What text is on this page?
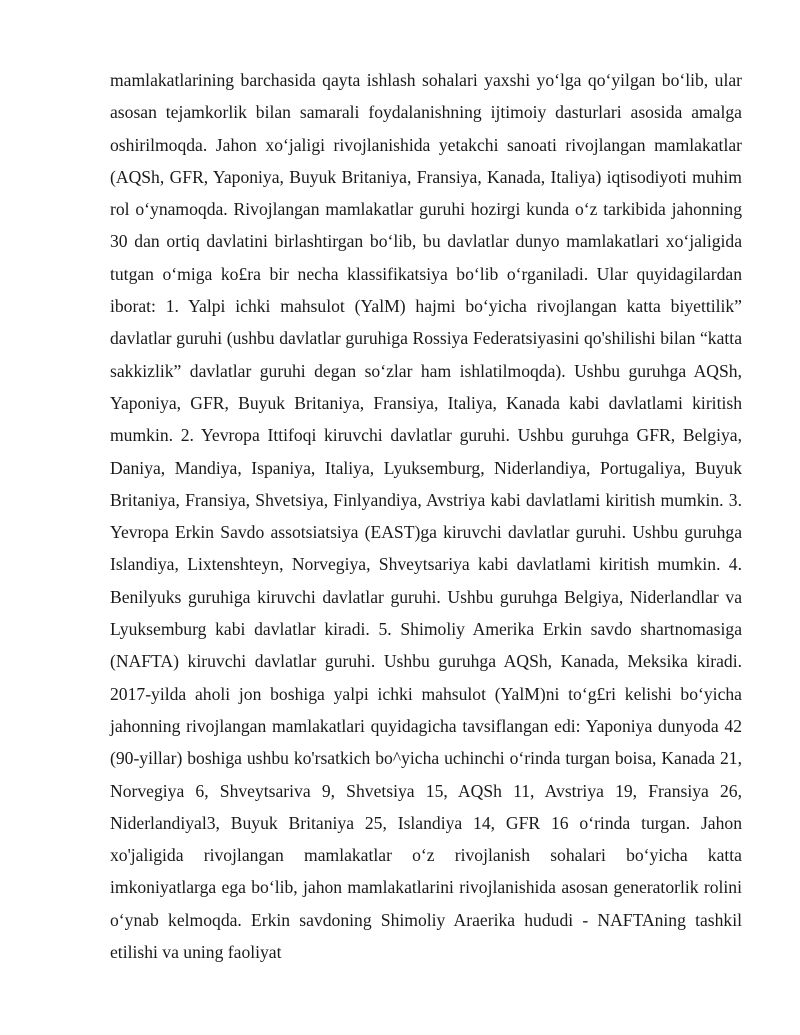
mamlakatlarining barchasida qayta ishlash sohalari yaxshi yo‘lga qo‘yilgan bo‘lib, ular asosan tejamkorlik bilan samarali foydalanishning ijtimoiy dasturlari asosida amalga oshirilmoqda. Jahon xo‘jaligi rivojlanishida yetakchi sanoati rivojlangan mamlakatlar (AQSh, GFR, Yaponiya, Buyuk Britaniya, Fransiya, Kanada, Italiya) iqtisodiyoti muhim rol o‘ynamoqda. Rivojlangan mamlakatlar guruhi hozirgi kunda o‘z tarkibida jahonning 30 dan ortiq davlatini birlashtirgan bo‘lib, bu davlatlar dunyo mamlakatlari xo‘jaligida tutgan o‘miga ko£ra bir necha klassifikatsiya bo‘lib o‘rganiladi. Ular quyidagilardan iborat: 1. Yalpi ichki mahsulot (YalM) hajmi bo‘yicha rivojlangan katta biyettilik” davlatlar guruhi (ushbu davlatlar guruhiga Rossiya Federatsiyasini qo'shilishi bilan “katta sakkizlik” davlatlar guruhi degan so‘zlar ham ishlatilmoqda). Ushbu guruhga AQSh, Yaponiya, GFR, Buyuk Britaniya, Fransiya, Italiya, Kanada kabi davlatlami kiritish mumkin. 2. Yevropa Ittifoqi kiruvchi davlatlar guruhi. Ushbu guruhga GFR, Belgiya, Daniya, Mandiya, Ispaniya, Italiya, Lyuksemburg, Niderlandiya, Portugaliya, Buyuk Britaniya, Fransiya, Shvetsiya, Finlyandiya, Avstriya kabi davlatlami kiritish mumkin. 3. Yevropa Erkin Savdo assotsiatsiya (EAST)ga kiruvchi davlatlar guruhi. Ushbu guruhga Islandiya, Lixtenshteyn, Norvegiya, Shveytsariya kabi davlatlami kiritish mumkin. 4. Benilyuks guruhiga kiruvchi davlatlar guruhi. Ushbu guruhga Belgiya, Niderlandlar va Lyuksemburg kabi davlatlar kiradi. 5. Shimoliy Amerika Erkin savdo shartnomasiga (NAFTA) kiruvchi davlatlar guruhi. Ushbu guruhga AQSh, Kanada, Meksika kiradi. 2017-yilda aholi jon boshiga yalpi ichki mahsulot (YalM)ni to‘g£ri kelishi bo‘yicha jahonning rivojlangan mamlakatlari quyidagicha tavsiflangan edi: Yaponiya dunyoda 42 (90-yillar) boshiga ushbu ko'rsatkich bo^yicha uchinchi o‘rinda turgan boisa, Kanada 21, Norvegiya 6, Shveytsariva 9, Shvetsiya 15, AQSh 11, Avstriya 19, Fransiya 26, Niderlandiyal3, Buyuk Britaniya 25, Islandiya 14, GFR 16 o‘rinda turgan. Jahon xo'jaligida rivojlangan mamlakatlar o‘z rivojlanish sohalari bo‘yicha katta imkoniyatlarga ega bo‘lib, jahon mamlakatlarini rivojlanishida asosan generatorlik rolini o‘ynab kelmoqda. Erkin savdoning Shimoliy Araerika hududi - NAFTAning tashkil etilishi va uning faoliyat
